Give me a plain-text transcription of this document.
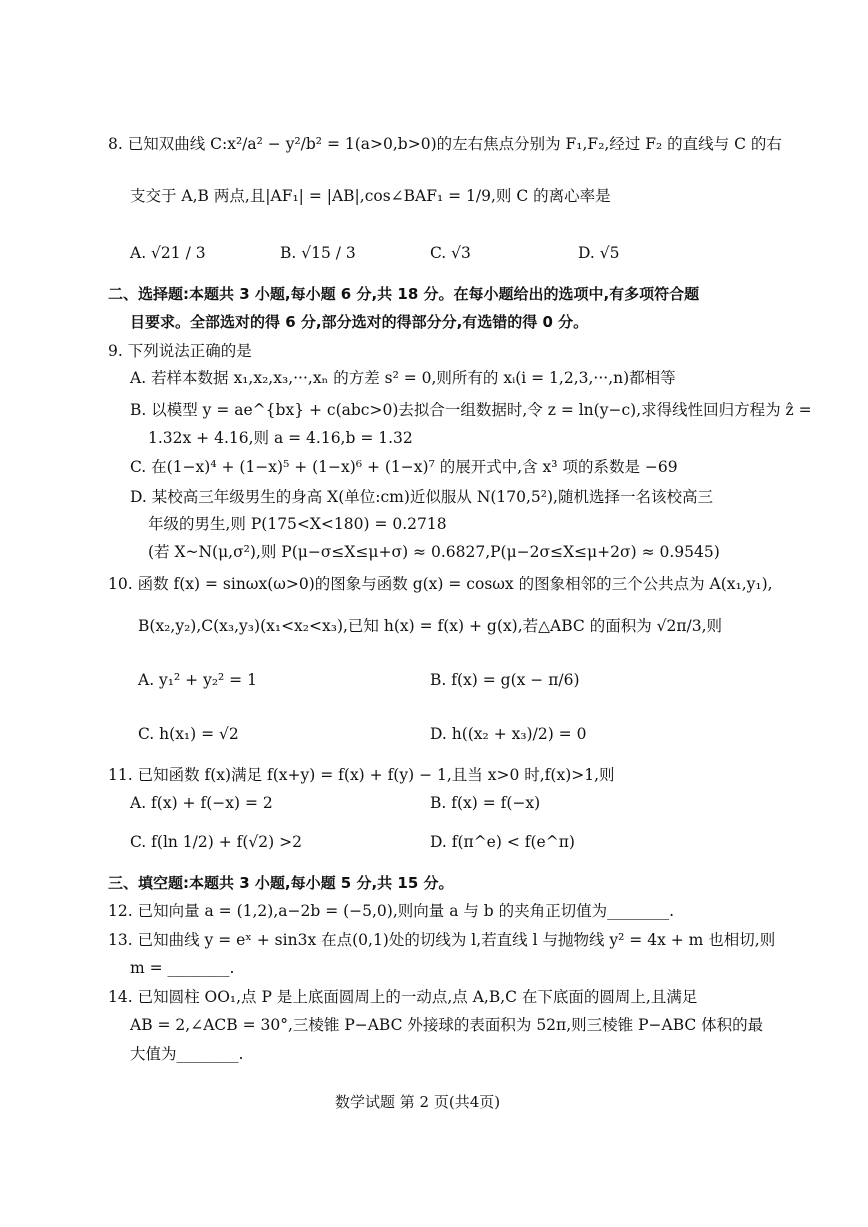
8. 已知双曲线 C:x²/a² − y²/b² = 1(a>0,b>0)的左右焦点分别为 F₁,F₂,经过 F₂ 的直线与 C 的右
支交于 A,B 两点,且|AF₁| = |AB|,cos∠BAF₁ = 1/9,则 C 的离心率是
A. √21 / 3	B. √15 / 3	C. √3	D. √5
二、选择题:本题共 3 小题,每小题 6 分,共 18 分。在每小题给出的选项中,有多项符合题
目要求。全部选对的得 6 分,部分选对的得部分分,有选错的得 0 分。
9. 下列说法正确的是
A. 若样本数据 x₁,x₂,x₃,···,xₙ 的方差 s² = 0,则所有的 xᵢ(i = 1,2,3,···,n)都相等
B. 以模型 y = ae^{bx} + c(abc>0)去拟合一组数据时,令 z = ln(y−c),求得线性回归方程为 ẑ =
1.32x + 4.16,则 a = 4.16,b = 1.32
C. 在(1−x)⁴ + (1−x)⁵ + (1−x)⁶ + (1−x)⁷ 的展开式中,含 x³ 项的系数是 −69
D. 某校高三年级男生的身高 X(单位:cm)近似服从 N(170,5²),随机选择一名该校高三
年级的男生,则 P(175<X<180) = 0.2718
(若 X~N(μ,σ²),则 P(μ−σ≤X≤μ+σ) ≈ 0.6827,P(μ−2σ≤X≤μ+2σ) ≈ 0.9545)
10. 函数 f(x) = sinωx(ω>0)的图象与函数 g(x) = cosωx 的图象相邻的三个公共点为 A(x₁,y₁),
B(x₂,y₂),C(x₃,y₃)(x₁<x₂<x₃),已知 h(x) = f(x) + g(x),若△ABC 的面积为 √2π/3,则
A. y₁² + y₂² = 1	B. f(x) = g(x − π/6)
C. h(x₁) = √2	D. h((x₂ + x₃)/2) = 0
11. 已知函数 f(x)满足 f(x+y) = f(x) + f(y) − 1,且当 x>0 时,f(x)>1,则
A. f(x) + f(−x) = 2	B. f(x) = f(−x)
C. f(ln 1/2) + f(√2) >2	D. f(π^e) < f(e^π)
三、填空题:本题共 3 小题,每小题 5 分,共 15 分。
12. 已知向量 a = (1,2),a−2b = (−5,0),则向量 a 与 b 的夹角正切值为________.
13. 已知曲线 y = eˣ + sin3x 在点(0,1)处的切线为 l,若直线 l 与抛物线 y² = 4x + m 也相切,则
m = ________.
14. 已知圆柱 OO₁,点 P 是上底面圆周上的一动点,点 A,B,C 在下底面的圆周上,且满足
AB = 2,∠ACB = 30°,三棱锥 P−ABC 外接球的表面积为 52π,则三棱锥 P−ABC 体积的最
大值为________.
数学试题 第 2 页(共4页)
